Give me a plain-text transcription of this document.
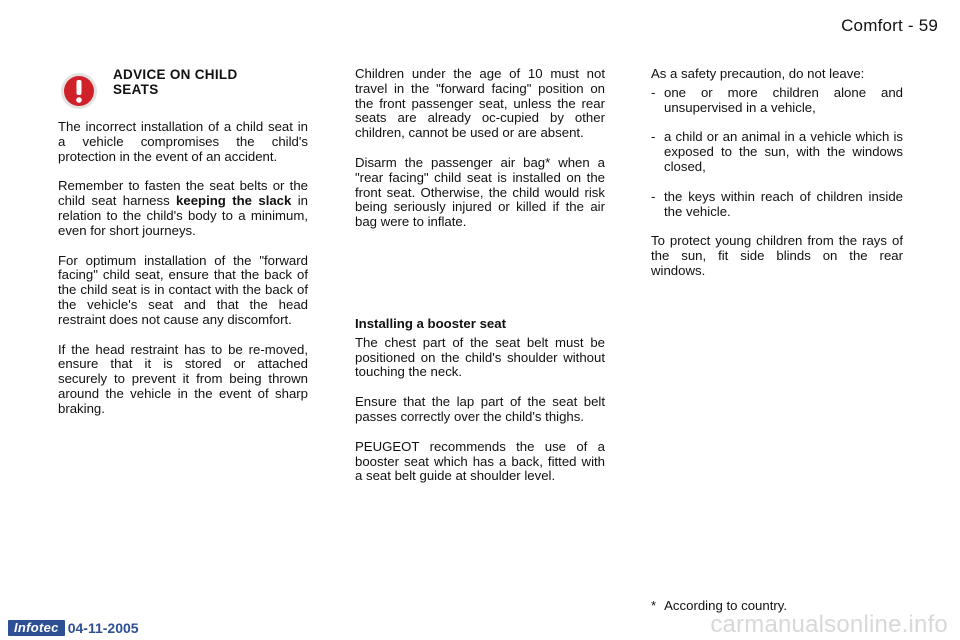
Comfort - 59
ADVICE ON CHILD
SEATS

The incorrect installation of a child seat in a vehicle compromises the child's protection in the event of an accident.

Remember to fasten the seat belts or the child seat harness keeping the slack in relation to the child's body to a minimum, even for short journeys.

For optimum installation of the "forward facing" child seat, ensure that the back of the child seat is in contact with the back of the vehicle's seat and that the head restraint does not cause any discomfort.

If the head restraint has to be re-moved, ensure that it is stored or attached securely to prevent it from being thrown around the vehicle in the event of sharp braking.

Children under the age of 10 must not travel in the "forward facing" position on the front passenger seat, unless the rear seats are already oc-cupied by other children, cannot be used or are absent.

Disarm the passenger air bag* when a "rear facing" child seat is installed on the front seat. Otherwise, the child would risk being seriously injured or killed if the air bag were to inflate.

Installing a booster seat

The chest part of the seat belt must be positioned on the child's shoulder without touching the neck.

Ensure that the lap part of the seat belt passes correctly over the child's thighs.

PEUGEOT recommends the use of a booster seat which has a back, fitted with a seat belt guide at shoulder level.

As a safety precaution, do not leave:

- one or more children alone and unsupervised in a vehicle,

- a child or an animal in a vehicle which is exposed to the sun, with the windows closed,

- the keys within reach of children inside the vehicle.

To protect young children from the rays of the sun, fit side blinds on the rear windows.

* According to country.
Infotec 04-11-2005	carmanualsonline.info
